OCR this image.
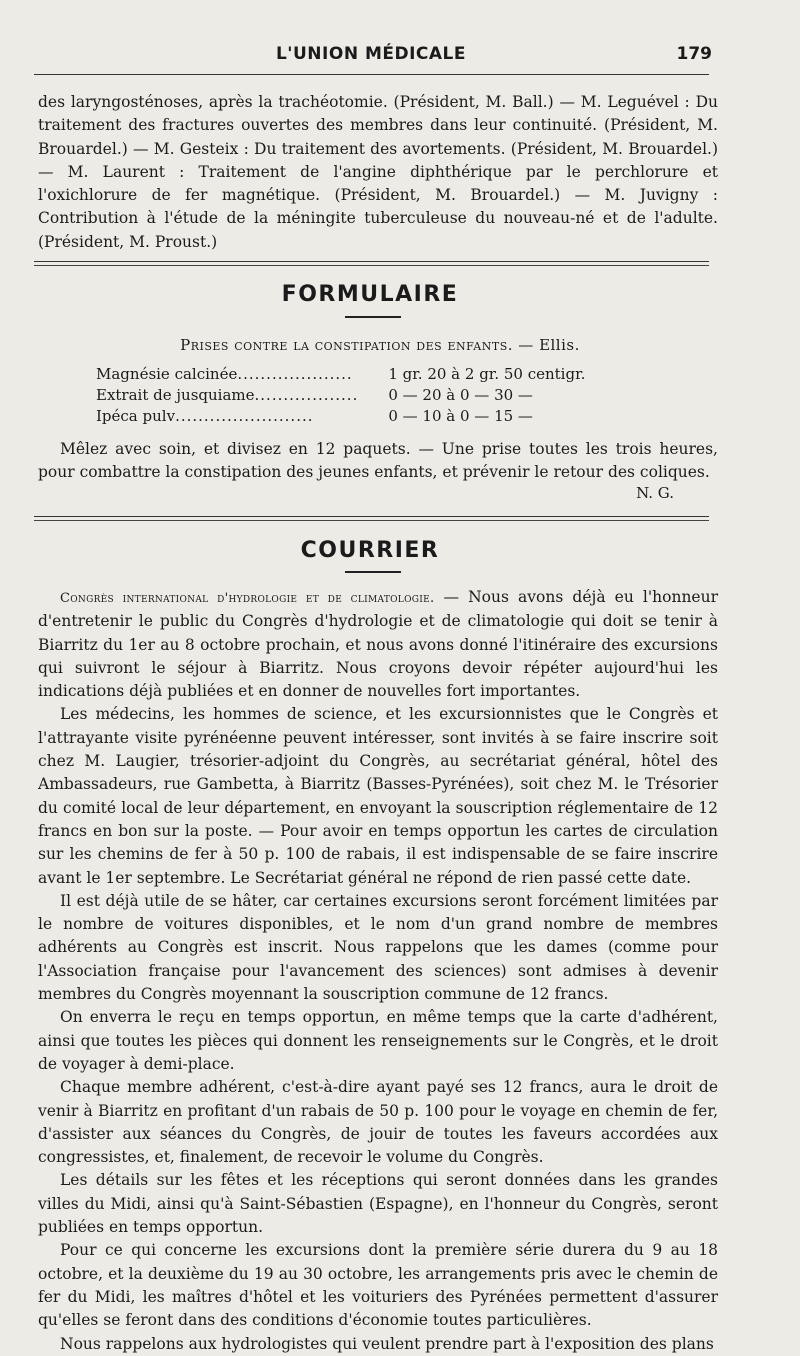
L'UNION MÉDICALE	179

des laryngosténoses, après la trachéotomie. (Président, M. Ball.) — M. Leguével : Du traitement des fractures ouvertes des membres dans leur continuité. (Président, M. Brouardel.) — M. Gesteix : Du traitement des avortements. (Président, M. Brouardel.) — M. Laurent : Traitement de l'angine diphthérique par le perchlorure et l'oxichlorure de fer magnétique. (Président, M. Brouardel.) — M. Juvigny : Contribution à l'étude de la méningite tuberculeuse du nouveau-né et de l'adulte. (Président, M. Proust.)

FORMULAIRE
Prises contre la constipation des enfants. — Ellis.
Magnésie calcinée....................		1 gr. 20 à 2 gr. 50 centigr.
Extrait de jusquiame..................		0 — 20 à 0 — 30 —
Ipéca pulv........................		0 — 10 à 0 — 15 —

Mêlez avec soin, et divisez en 12 paquets. — Une prise toutes les trois heures, pour combattre la constipation des jeunes enfants, et prévenir le retour des coliques.

N. G.
COURRIER

Congrès international d'hydrologie et de climatologie. — Nous avons déjà eu l'honneur d'entretenir le public du Congrès d'hydrologie et de climatologie qui doit se tenir à Biarritz du 1er au 8 octobre prochain, et nous avons donné l'itinéraire des excursions qui suivront le séjour à Biarritz. Nous croyons devoir répéter aujourd'hui les indications déjà publiées et en donner de nouvelles fort importantes.

Les médecins, les hommes de science, et les excursionnistes que le Congrès et l'attrayante visite pyrénéenne peuvent intéresser, sont invités à se faire inscrire soit chez M. Laugier, trésorier-adjoint du Congrès, au secrétariat général, hôtel des Ambassadeurs, rue Gambetta, à Biarritz (Basses-Pyrénées), soit chez M. le Trésorier du comité local de leur département, en envoyant la souscription réglementaire de 12 francs en bon sur la poste. — Pour avoir en temps opportun les cartes de circulation sur les chemins de fer à 50 p. 100 de rabais, il est indispensable de se faire inscrire avant le 1er septembre. Le Secrétariat général ne répond de rien passé cette date.

Il est déjà utile de se hâter, car certaines excursions seront forcément limitées par le nombre de voitures disponibles, et le nom d'un grand nombre de membres adhérents au Congrès est inscrit. Nous rappelons que les dames (comme pour l'Association française pour l'avancement des sciences) sont admises à devenir membres du Congrès moyennant la souscription commune de 12 francs.

On enverra le reçu en temps opportun, en même temps que la carte d'adhérent, ainsi que toutes les pièces qui donnent les renseignements sur le Congrès, et le droit de voyager à demi-place.

Chaque membre adhérent, c'est-à-dire ayant payé ses 12 francs, aura le droit de venir à Biarritz en profitant d'un rabais de 50 p. 100 pour le voyage en chemin de fer, d'assister aux séances du Congrès, de jouir de toutes les faveurs accordées aux congressistes, et, finalement, de recevoir le volume du Congrès.

Les détails sur les fêtes et les réceptions qui seront données dans les grandes villes du Midi, ainsi qu'à Saint-Sébastien (Espagne), en l'honneur du Congrès, seront publiées en temps opportun.

Pour ce qui concerne les excursions dont la première série durera du 9 au 18 octobre, et la deuxième du 19 au 30 octobre, les arrangements pris avec le chemin de fer du Midi, les maîtres d'hôtel et les voituriers des Pyrénées permettent d'assurer qu'elles se feront dans des conditions d'économie toutes particulières.

Nous rappelons aux hydrologistes qui veulent prendre part à l'exposition des plans
